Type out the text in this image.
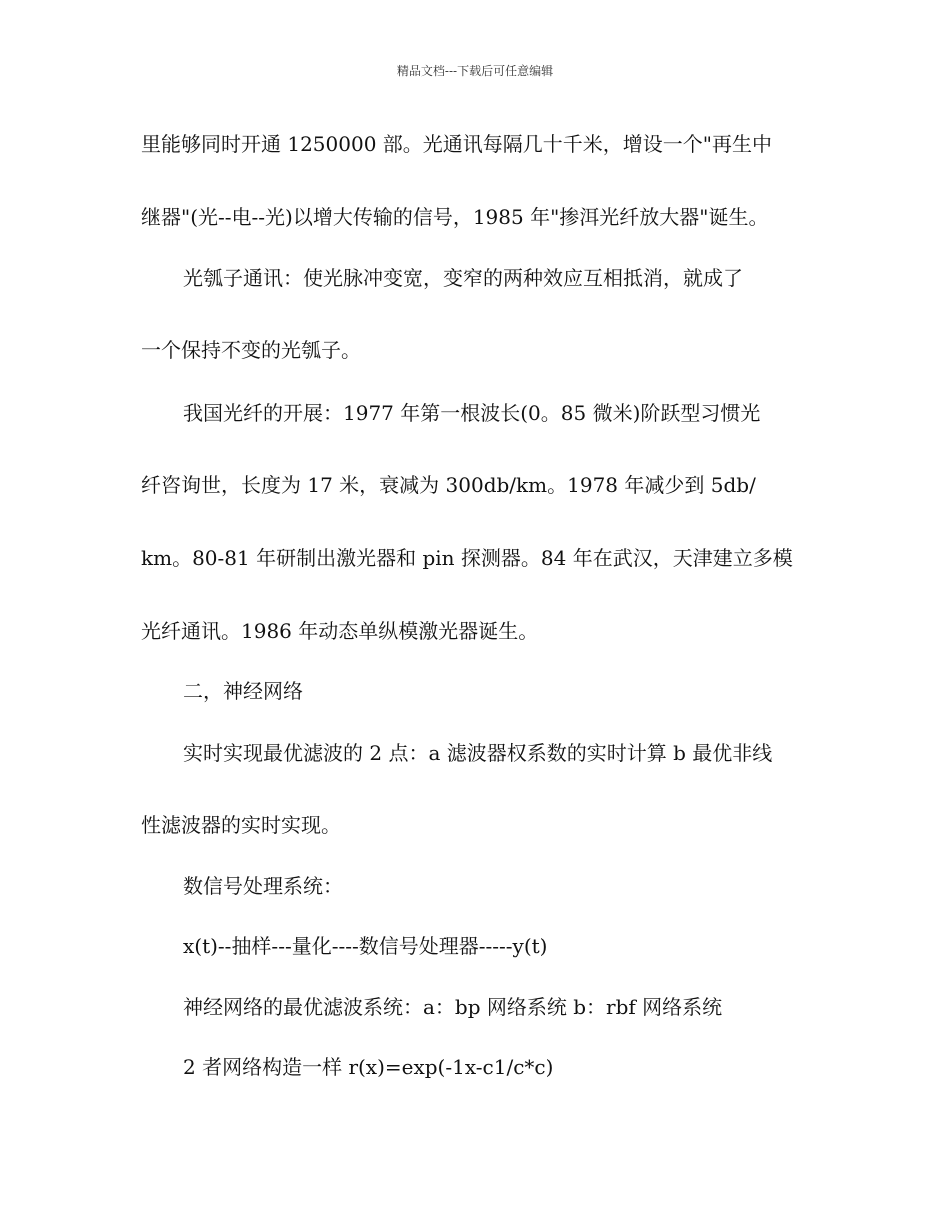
精品文档---下载后可任意编辑
里能够同时开通 1250000 部。光通讯每隔几十千米，增设一个"再生中
继器"(光--电--光)以增大传输的信号，1985 年"掺洱光纤放大器"诞生。
光瓠子通讯：使光脉冲变宽，变窄的两种效应互相抵消，就成了
一个保持不变的光瓠子。
我国光纤的开展：1977 年第一根波长(0。85 微米)阶跃型习惯光
纤咨询世，长度为 17 米，衰减为 300db/km。1978 年减少到 5db/
km。80-81 年研制出激光器和 pin 探测器。84 年在武汉，天津建立多模
光纤通讯。1986 年动态单纵模激光器诞生。
二，神经网络
实时实现最优滤波的 2 点：a 滤波器权系数的实时计算 b 最优非线
性滤波器的实时实现。
数信号处理系统：
x(t)--抽样---量化----数信号处理器-----y(t)
神经网络的最优滤波系统：a：bp 网络系统 b：rbf 网络系统
2 者网络构造一样 r(x)=exp(-1x-c1/c*c)
